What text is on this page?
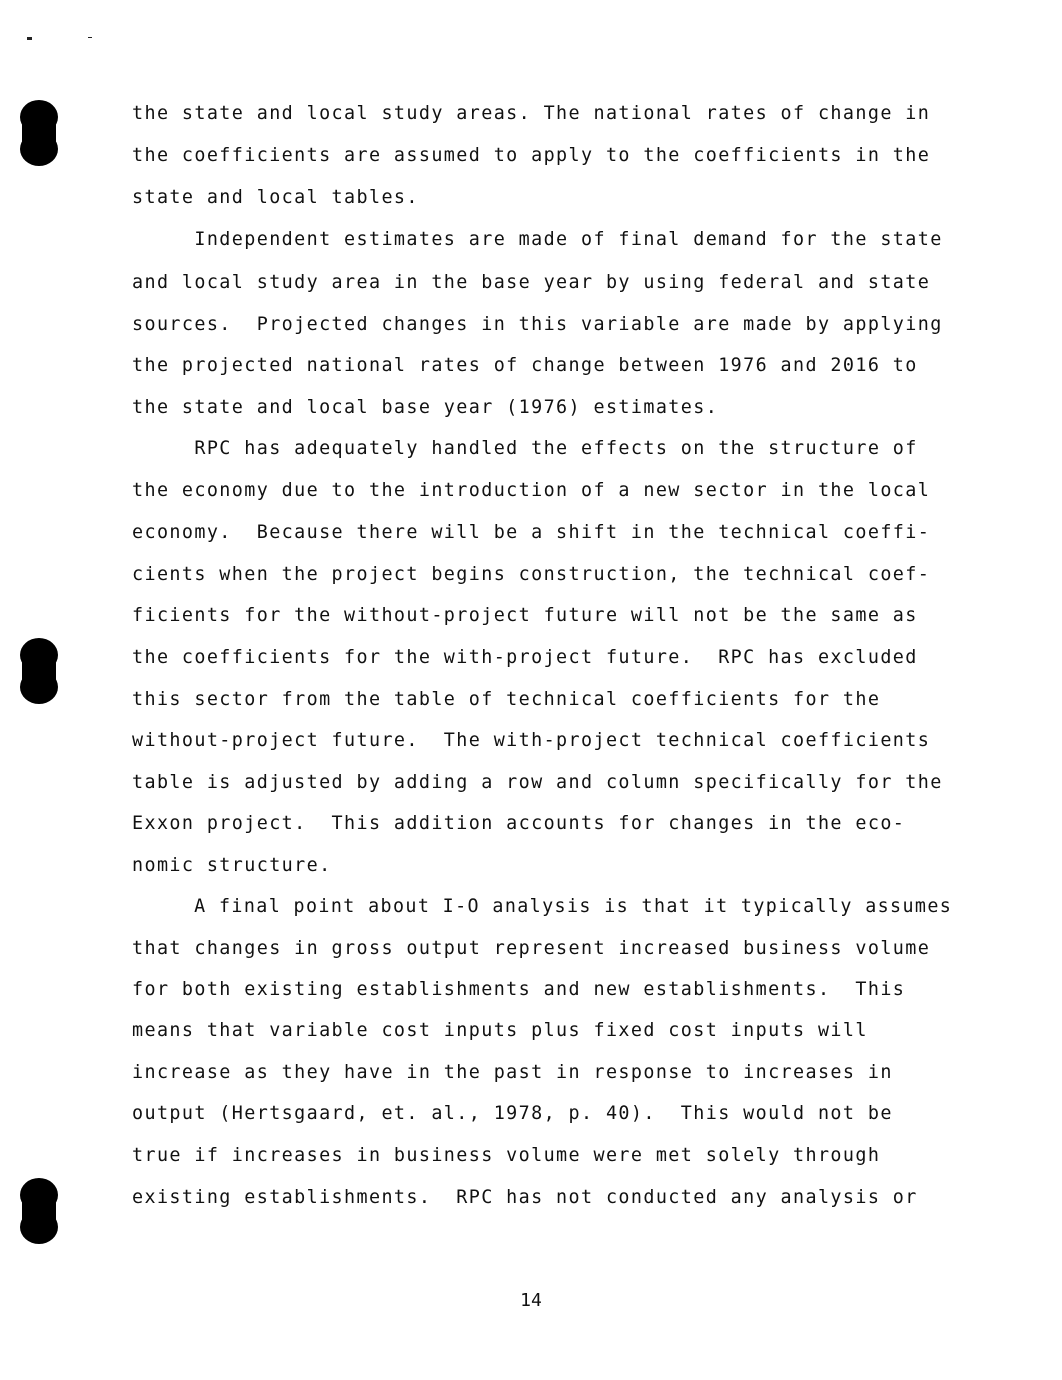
the state and local study areas. The national rates of change in
the coefficients are assumed to apply to the coefficients in the
state and local tables.
Independent estimates are made of final demand for the state
and local study area in the base year by using federal and state
sources.  Projected changes in this variable are made by applying
the projected national rates of change between 1976 and 2016 to
the state and local base year (1976) estimates.
RPC has adequately handled the effects on the structure of
the economy due to the introduction of a new sector in the local
economy.  Because there will be a shift in the technical coeffi-
cients when the project begins construction, the technical coef-
ficients for the without-project future will not be the same as
the coefficients for the with-project future.  RPC has excluded
this sector from the table of technical coefficients for the
without-project future.  The with-project technical coefficients
table is adjusted by adding a row and column specifically for the
Exxon project.  This addition accounts for changes in the eco-
nomic structure.
A final point about I-O analysis is that it typically assumes
that changes in gross output represent increased business volume
for both existing establishments and new establishments.  This
means that variable cost inputs plus fixed cost inputs will
increase as they have in the past in response to increases in
output (Hertsgaard, et. al., 1978, p. 40).  This would not be
true if increases in business volume were met solely through
existing establishments.  RPC has not conducted any analysis or
14
